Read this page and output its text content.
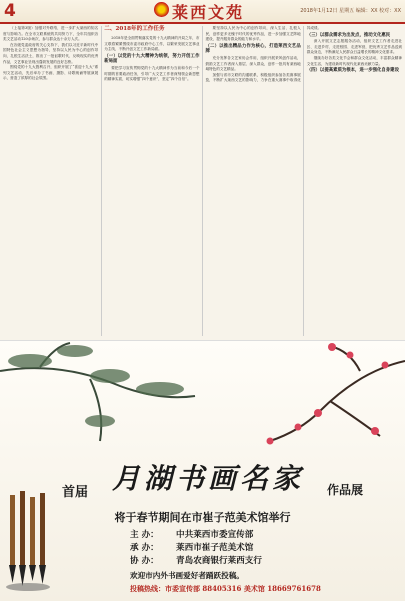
4	莱西文苑	2018年1月12日 星期五 编辑：XX 校对：XX

（上接第3版）加强对外联络，进一步扩大莱西的知名度与影响力。在全市文联系统的共同努力下，全年共组织各类文艺活动120余场次，参与群众达十余万人次。

在各级党委政府的关心支持下，我们以习近平新时代中国特色社会主义思想为指导，坚持以人民为中心的创作导向，扎根生活沃土，推出了一批讴歌时代、反映现实的优秀作品，文艺事业呈现出蓬勃发展的良好态势。

围绕党的十九大胜利召开，组织开展了“喜迎十九大”系列文艺活动，先后举办了书画、摄影、诗歌朗诵等展演展示，营造了浓厚的社会氛围。

二、2018年的工作任务

2018年是全面贯彻落实党的十九大精神的开局之年，市文联将紧紧围绕市委市政府中心工作，以繁荣发展文艺事业为主线，不断开创文艺工作新局面。

（一）以党的十九大精神为统领，努力开创工作新局面

要把学习宣传贯彻党的十九大精神作为当前和今后一个时期的首要政治任务，引导广大文艺工作者深刻领会新思想的精神实质，切实增强“四个意识”，坚定“四个自信”。

要坚持以人民为中心的创作导向，深入生活、扎根人民，创作更多无愧于时代的优秀作品，进一步加强文艺阵地建设，提升服务群众的能力和水平。

（二）以推出精品力作为核心，打造莱西文艺品牌

充分发挥各文艺家协会作用，组织开展采风创作活动，鼓励文艺工作者深入基层、深入群众，创作一批具有莱西地域特色的文艺精品。

加强与省市文联的沟通联系，积极组织参加各类赛事展览，不断扩大莱西文艺的影响力，力争在重大赛事中取得优异成绩。

（三）以群众需求为出发点，推动文化惠民

深入开展文艺志愿服务活动，组织文艺工作者走进社区、走进乡村、走进校园、走进军营，把优秀文艺作品送到群众身边，不断满足人民群众日益增长的精神文化需求。

继续办好各类文化节会和群众文化活动，丰富群众精神文化生活，为建设新时代现代化莱西贡献力量。

（四）以提高素质为根本，进一步强化自身建设
首届 月湖书画名家 作品展
将于春节期间在市崔子范美术馆举行
主 办： 中共莱西市委宣传部
承 办： 莱西市崔子范美术馆
协 办： 青岛农商银行莱西支行
欢迎市内外书画爱好者踊跃投稿。
投稿热线：市委宣传部 88405316 美术馆 18669761678
